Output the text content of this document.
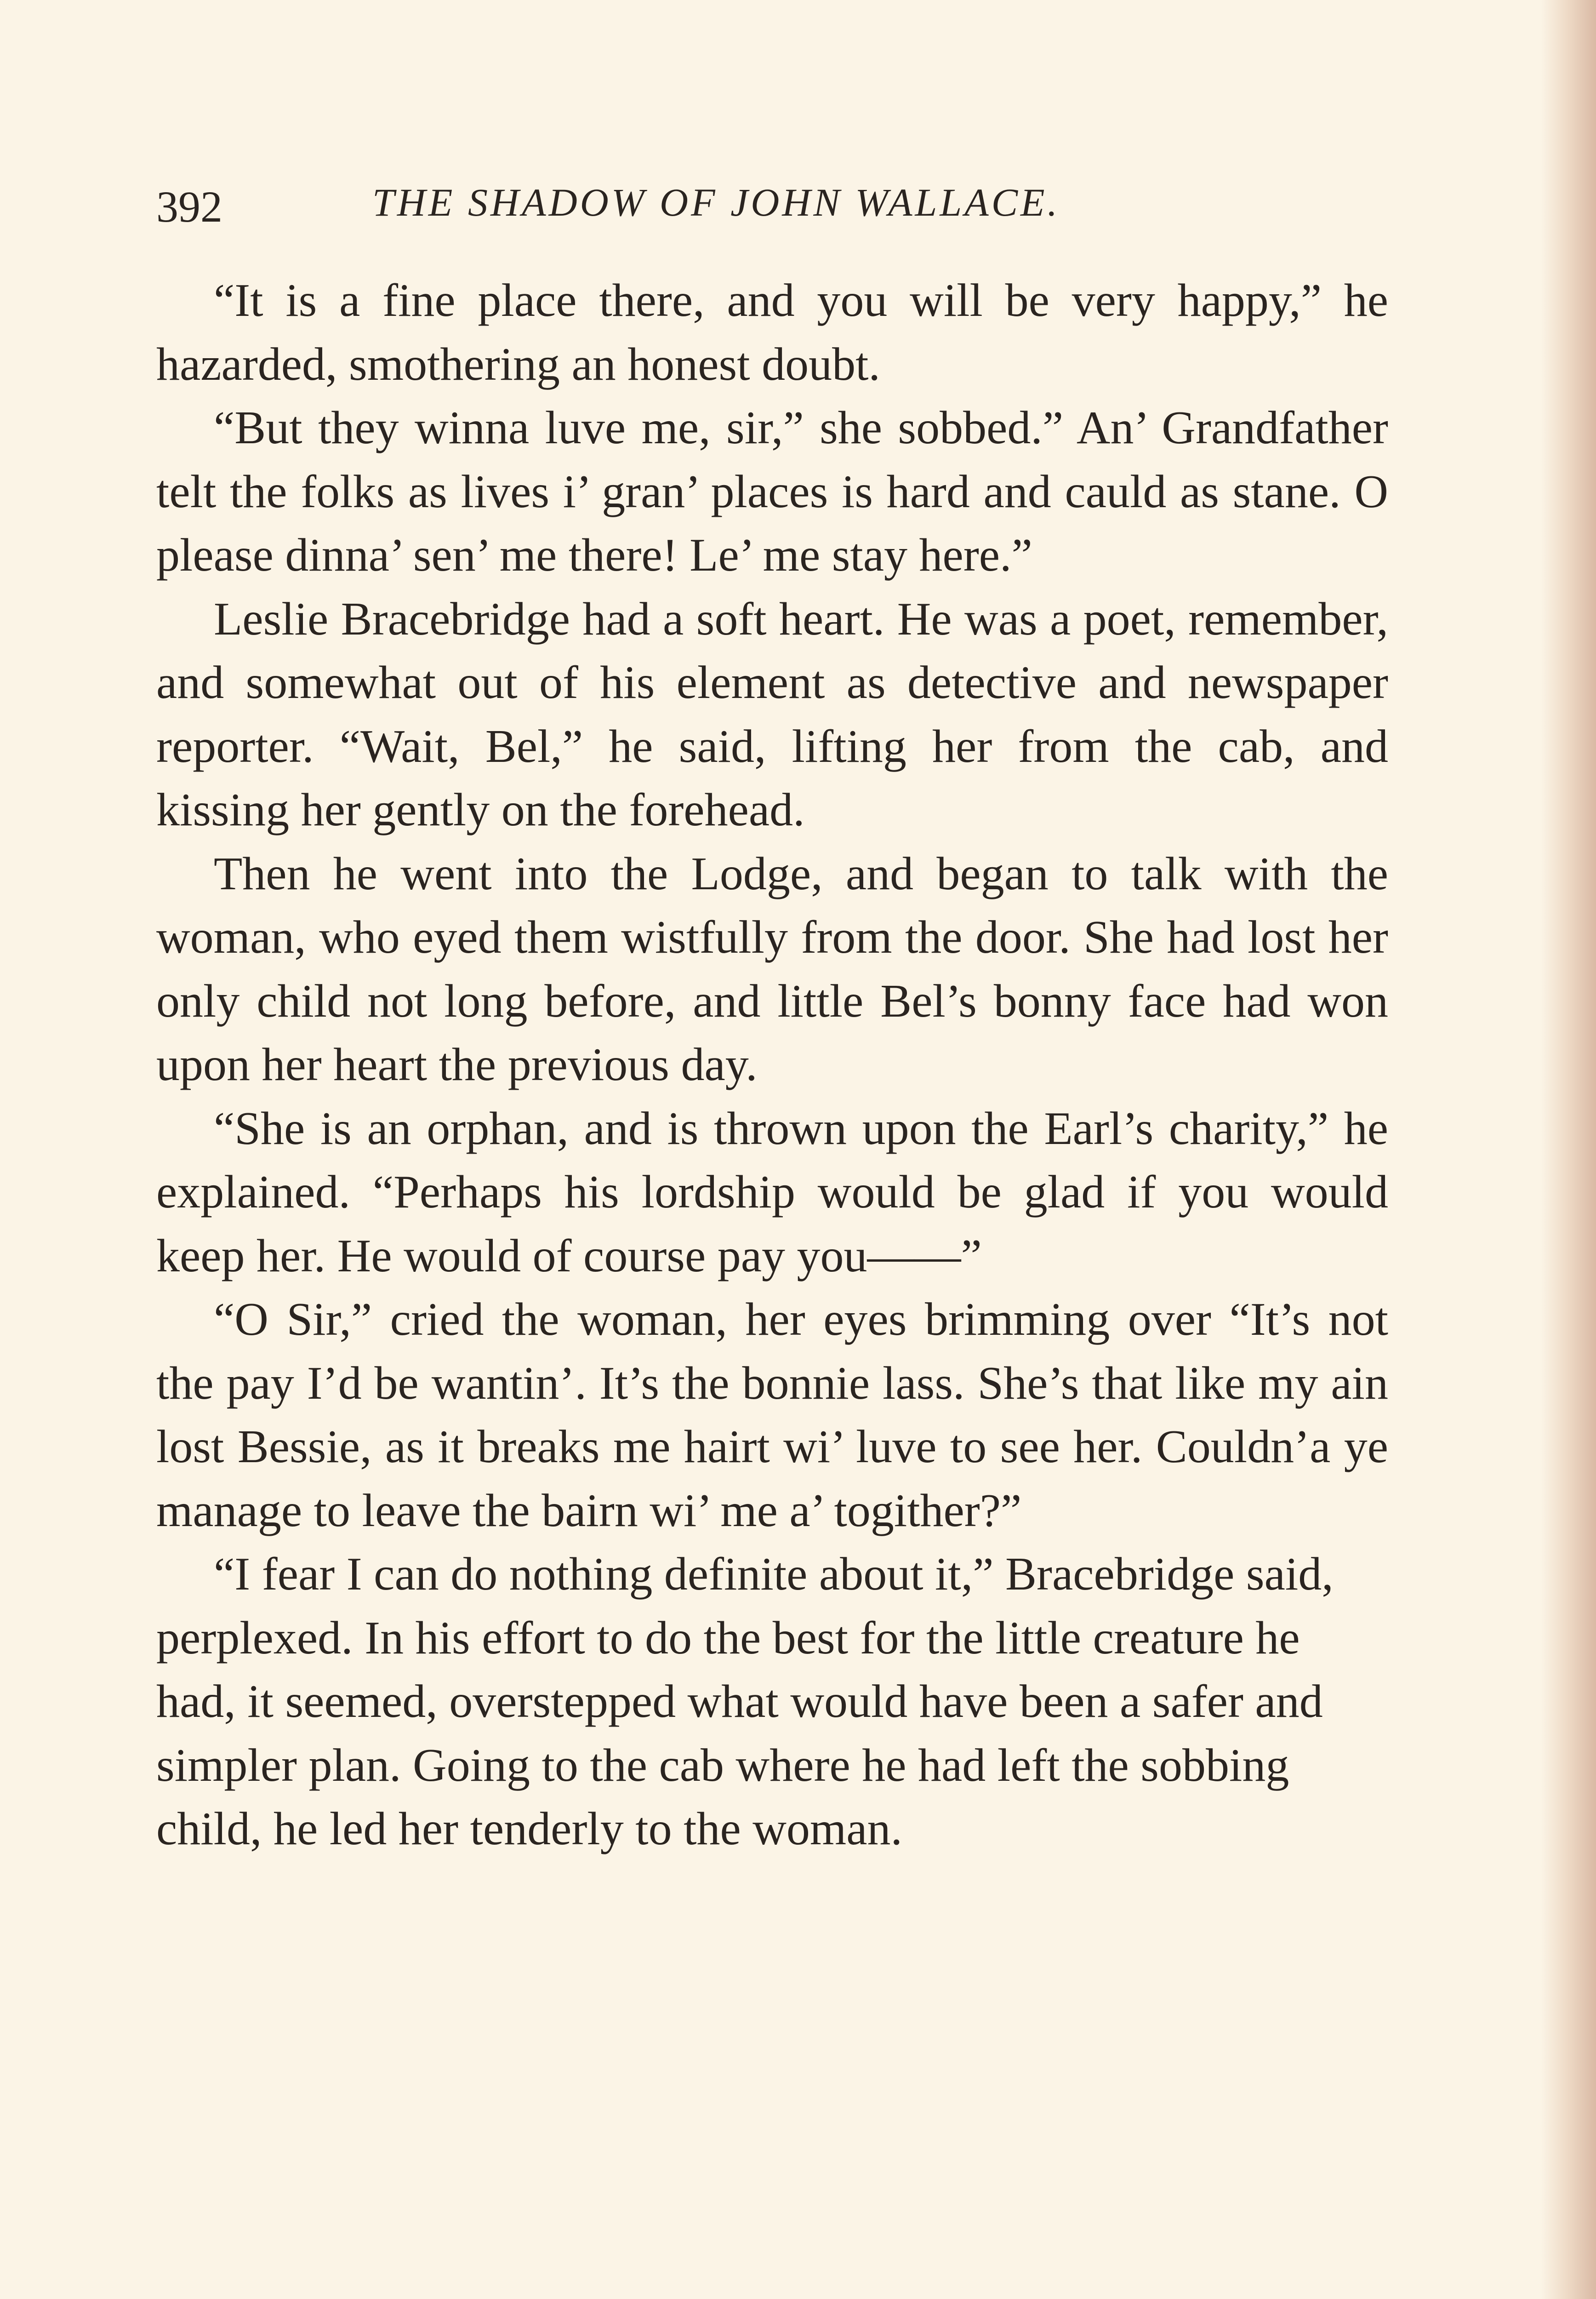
392	THE SHADOW OF JOHN WALLACE.

“It is a fine place there, and you will be very happy,” he hazarded, smothering an honest doubt.

“But they winna luve me, sir,” she sobbed.” An’ Grandfather telt the folks as lives i’ gran’ places is hard and cauld as stane. O please dinna’ sen’ me there! Le’ me stay here.”

Leslie Bracebridge had a soft heart. He was a poet, remember, and somewhat out of his element as detective and newspaper reporter. “Wait, Bel,” he said, lifting her from the cab, and kissing her gently on the forehead.

Then he went into the Lodge, and began to talk with the woman, who eyed them wistfully from the door. She had lost her only child not long before, and little Bel’s bonny face had won upon her heart the previous day.

“She is an orphan, and is thrown upon the Earl’s charity,” he explained. “Perhaps his lordship would be glad if you would keep her. He would of course pay you——”

“O Sir,” cried the woman, her eyes brimming over “It’s not the pay I’d be wantin’. It’s the bonnie lass. She’s that like my ain lost Bessie, as it breaks me hairt wi’ luve to see her. Couldn’a ye manage to leave the bairn wi’ me a’ togither?”

“I fear I can do nothing definite about it,” Bracebridge said, perplexed. In his effort to do the best for the little creature he had, it seemed, overstepped what would have been a safer and simpler plan. Going to the cab where he had left the sobbing child, he led her tenderly to the woman.
